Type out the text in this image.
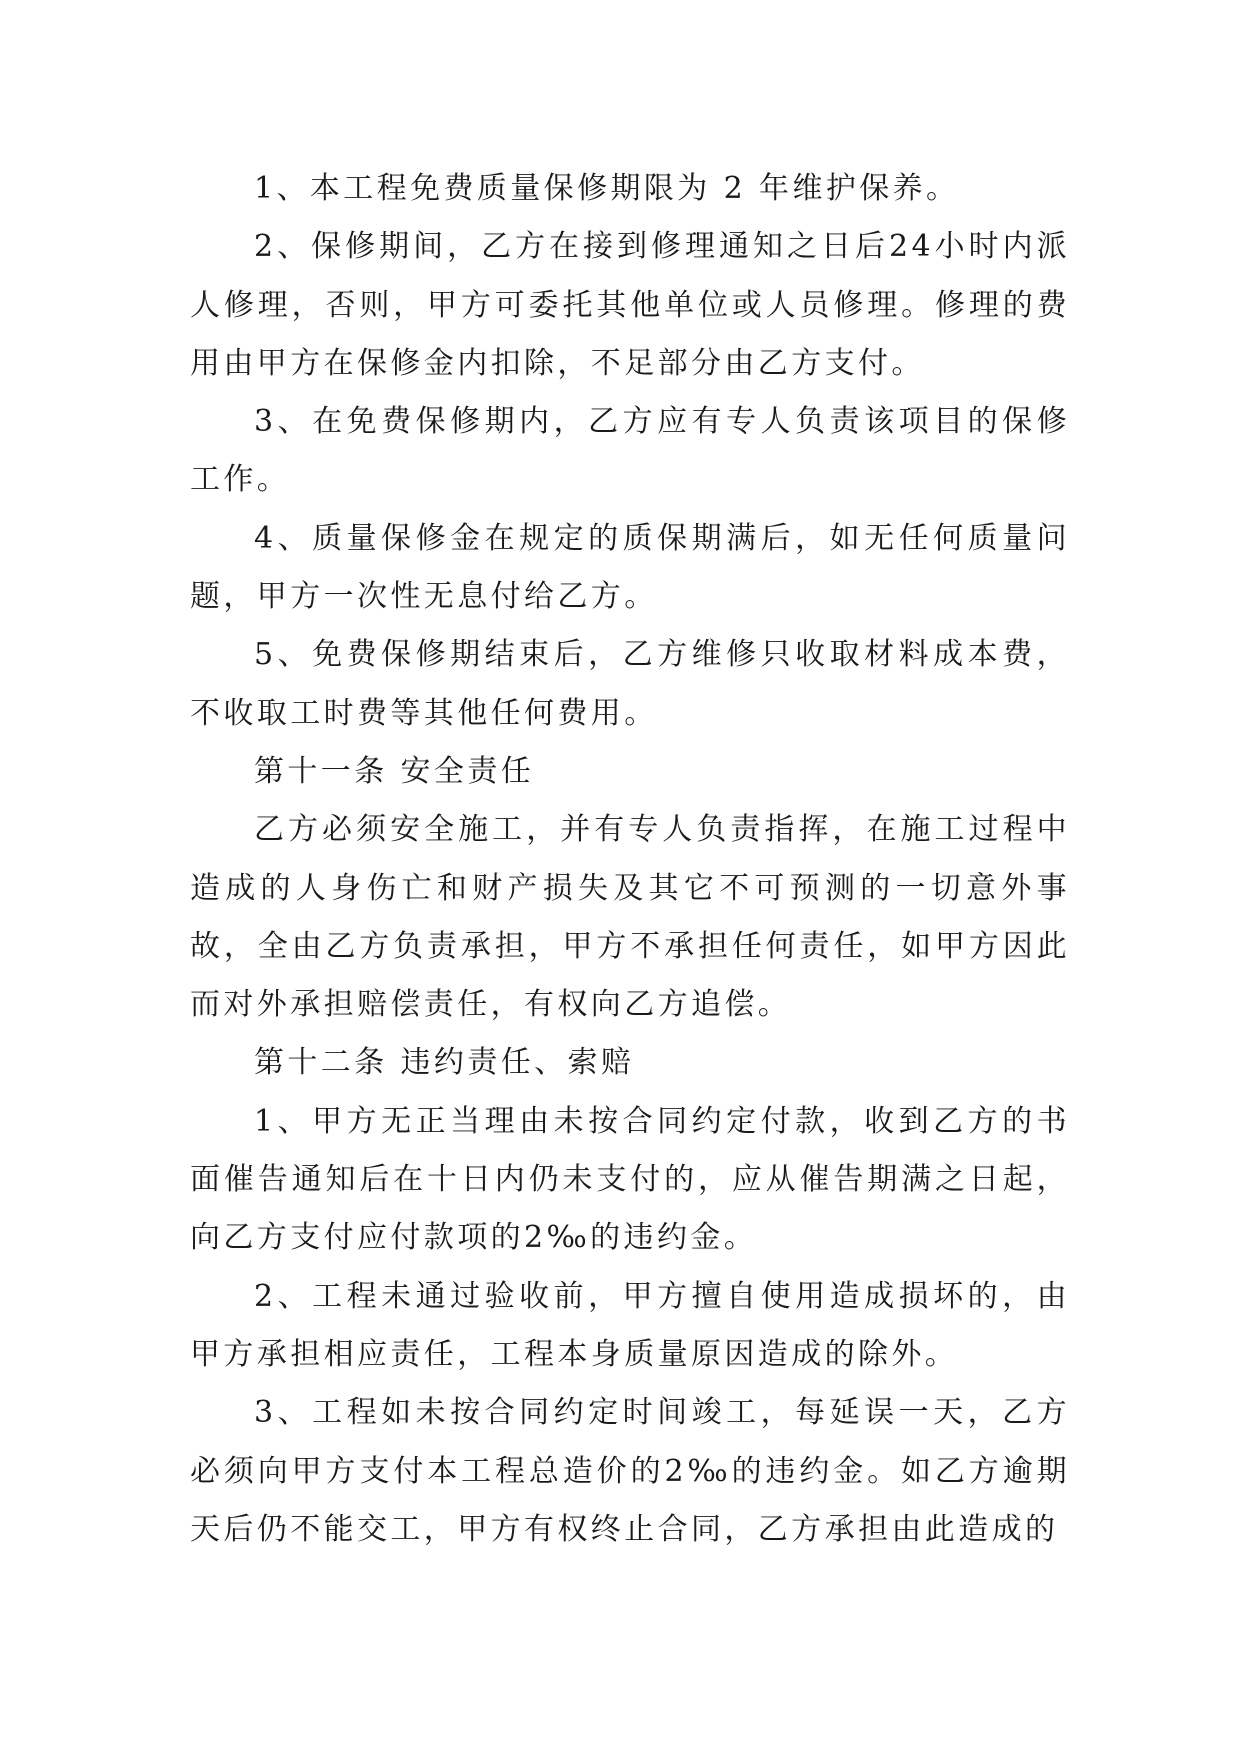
1、本工程免费质量保修期限为 2 年维护保养。

2、保修期间，乙方在接到修理通知之日后24小时内派人修理，否则，甲方可委托其他单位或人员修理。修理的费用由甲方在保修金内扣除，不足部分由乙方支付。

3、在免费保修期内，乙方应有专人负责该项目的保修工作。

4、质量保修金在规定的质保期满后，如无任何质量问题，甲方一次性无息付给乙方。

5、免费保修期结束后，乙方维修只收取材料成本费，不收取工时费等其他任何费用。

第十一条 安全责任

乙方必须安全施工，并有专人负责指挥，在施工过程中造成的人身伤亡和财产损失及其它不可预测的一切意外事故，全由乙方负责承担，甲方不承担任何责任，如甲方因此而对外承担赔偿责任，有权向乙方追偿。

第十二条 违约责任、索赔

1、甲方无正当理由未按合同约定付款，收到乙方的书面催告通知后在十日内仍未支付的，应从催告期满之日起，向乙方支付应付款项的2‰的违约金。

2、工程未通过验收前，甲方擅自使用造成损坏的，由甲方承担相应责任，工程本身质量原因造成的除外。

3、工程如未按合同约定时间竣工，每延误一天，乙方必须向甲方支付本工程总造价的2‰的违约金。如乙方逾期天后仍不能交工，甲方有权终止合同，乙方承担由此造成的
